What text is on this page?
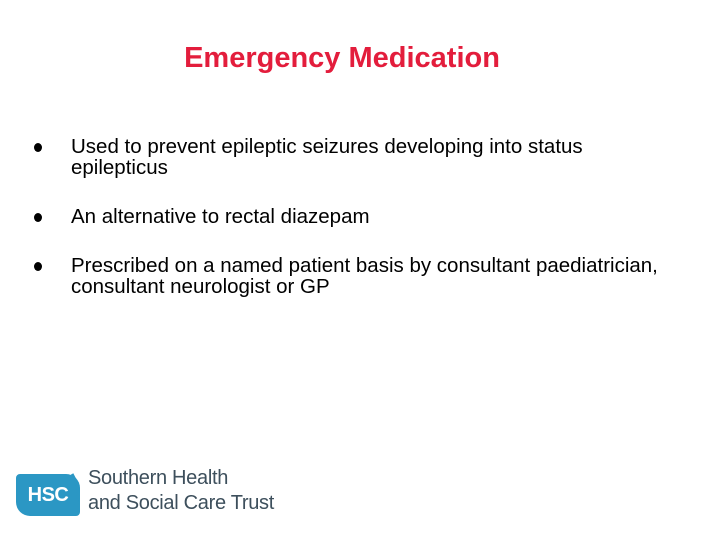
Emergency Medication
Used to prevent epileptic seizures developing into status epilepticus
An alternative to rectal diazepam
Prescribed on a named patient basis by consultant paediatrician, consultant neurologist or GP
HSC
Southern Health
and Social Care Trust
